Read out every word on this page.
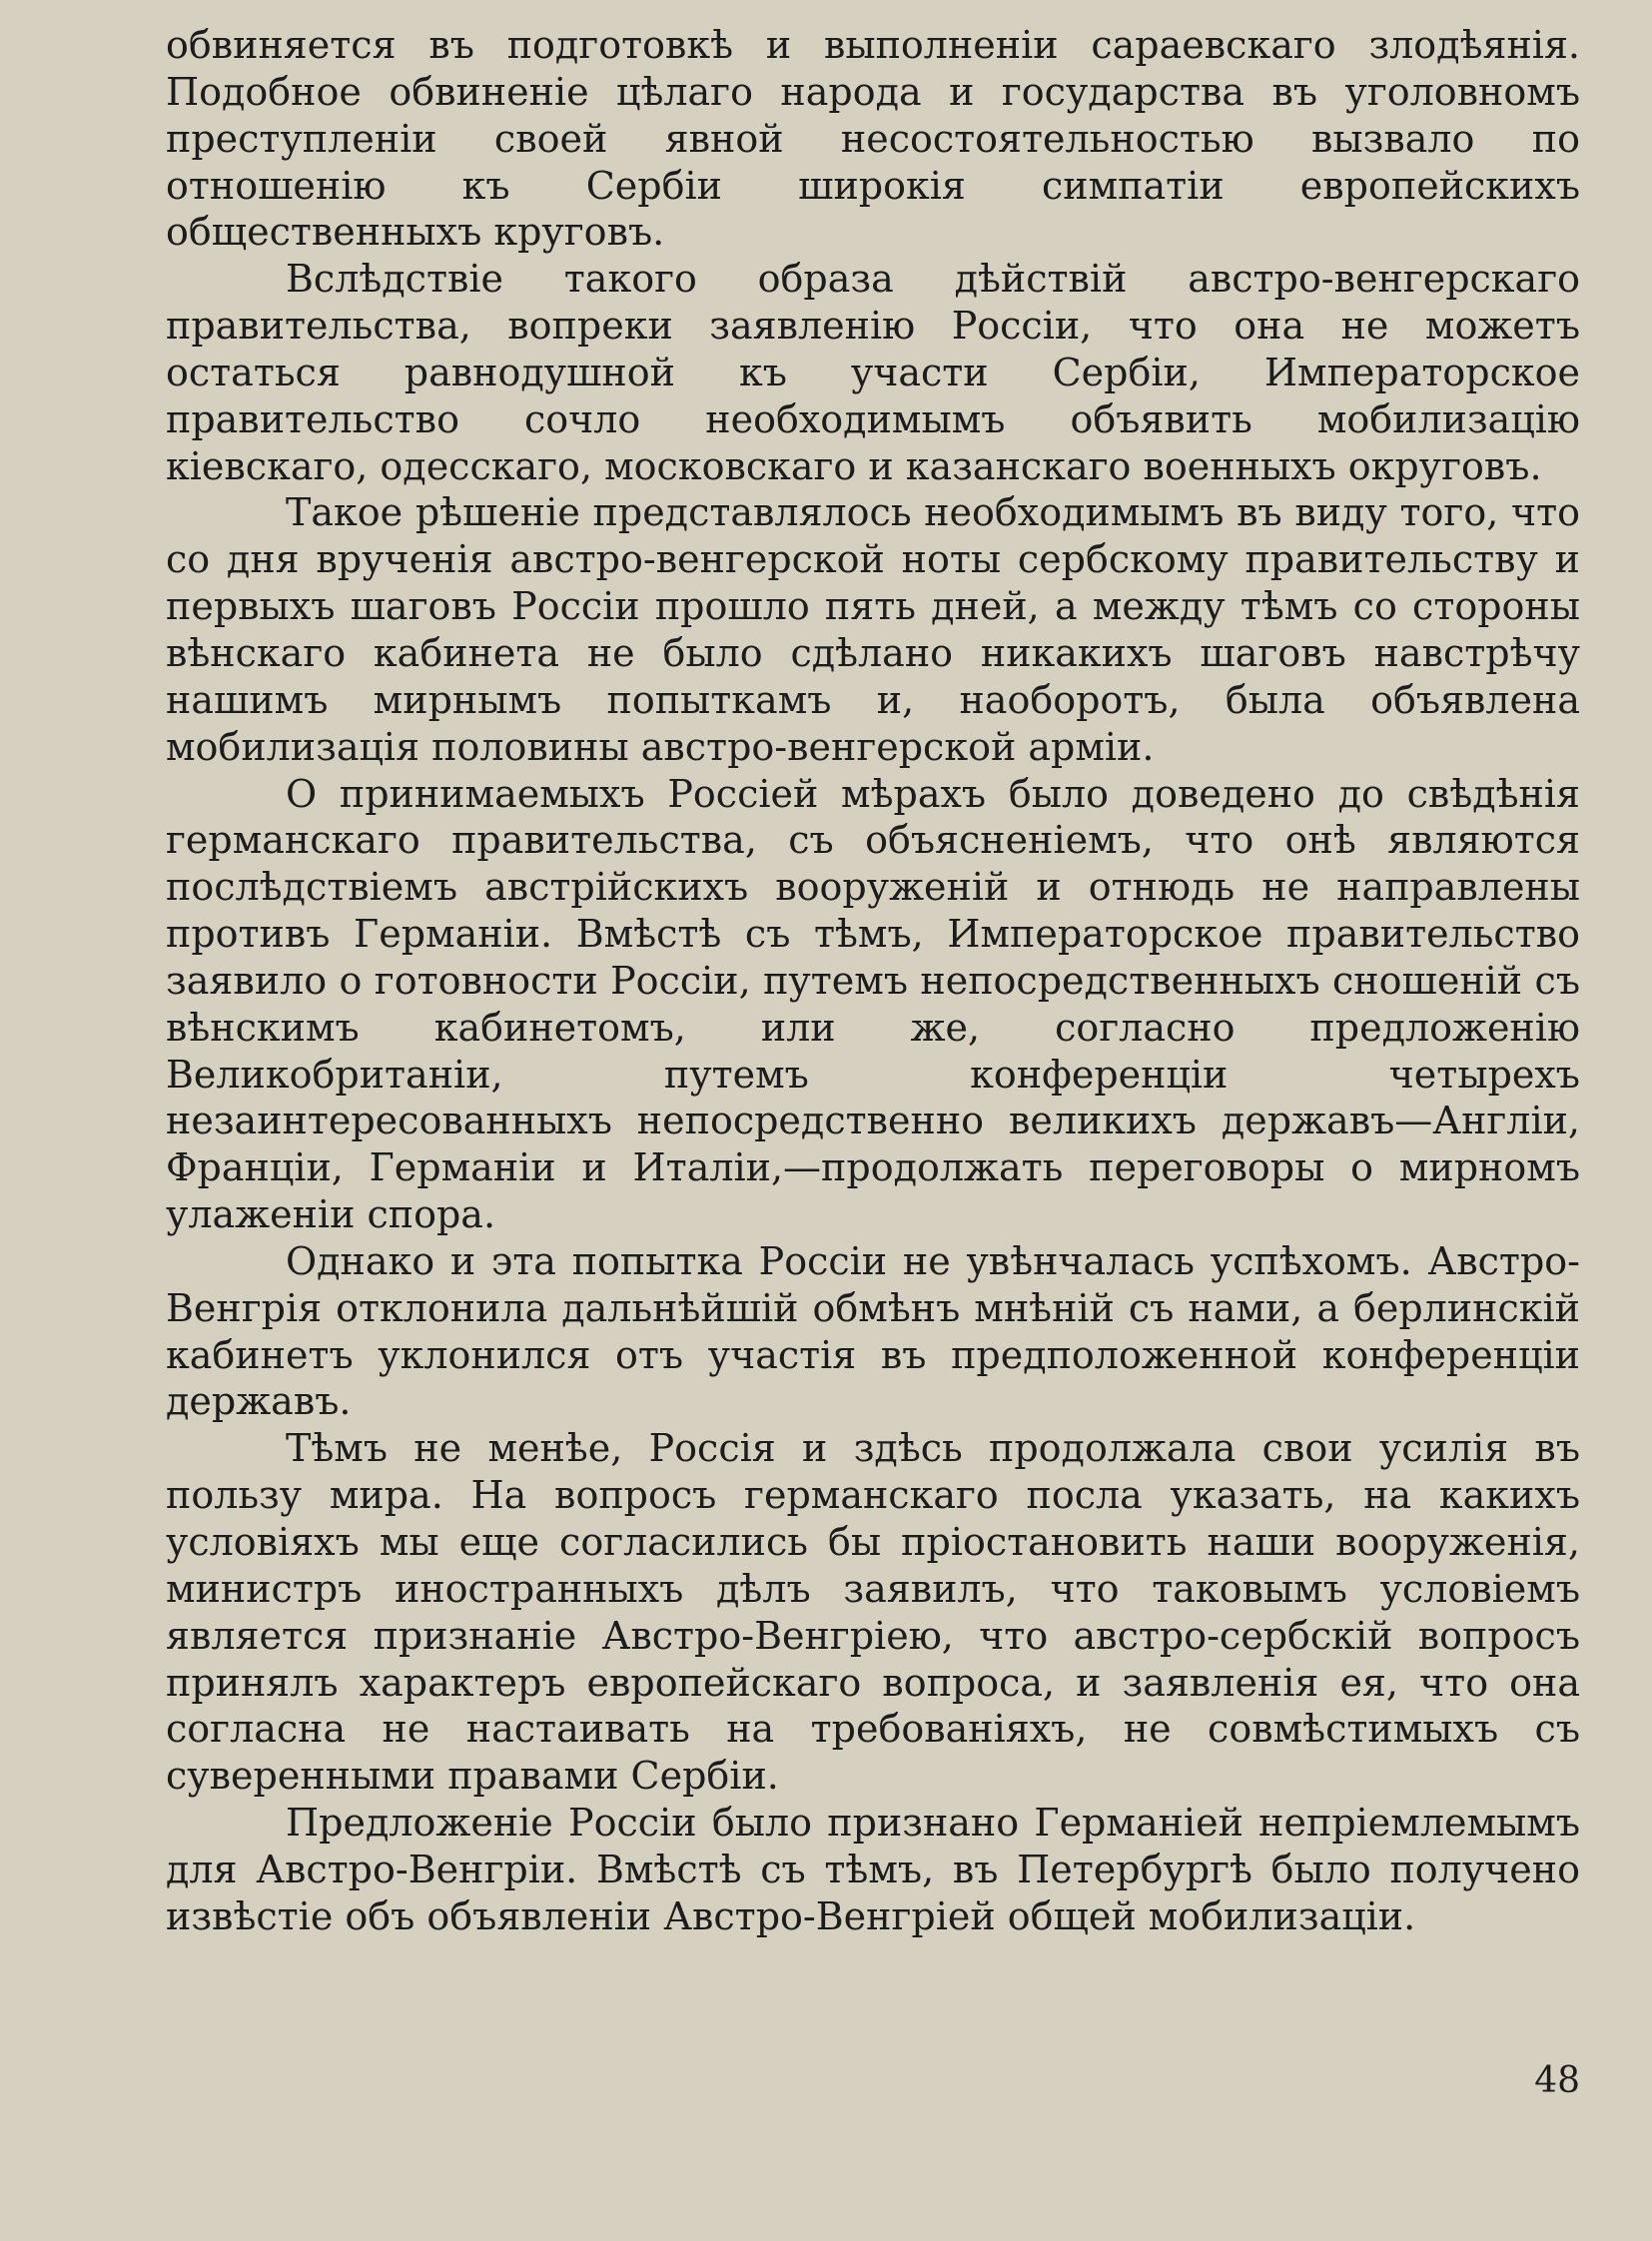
обвиняется въ подготовкѣ и выполненіи сараевскаго злодѣянія. Подобное обвиненіе цѣлаго народа и государства въ уголовномъ преступленіи своей явной несостоятельностью вызвало по отношенію къ Сербіи широкія симпатіи европейскихъ общественныхъ круговъ.

Вслѣдствіе такого образа дѣйствій австро-венгерскаго правительства, вопреки заявленію Россіи, что она не можетъ остаться равнодушной къ участи Сербіи, Императорское правительство сочло необходимымъ объявить мобилизацію кіевскаго, одесскаго, московскаго и казанскаго военныхъ округовъ.

Такое рѣшеніе представлялось необходимымъ въ виду того, что со дня врученія австро-венгерской ноты сербскому правительству и первыхъ шаговъ Россіи прошло пять дней, а между тѣмъ со стороны вѣнскаго кабинета не было сдѣлано никакихъ шаговъ навстрѣчу нашимъ мирнымъ попыткамъ и, наоборотъ, была объявлена мобилизація половины австро-венгерской арміи.

О принимаемыхъ Россіей мѣрахъ было доведено до свѣдѣнія германскаго правительства, съ объясненіемъ, что онѣ являются послѣдствіемъ австрійскихъ вооруженій и отнюдь не направлены противъ Германіи. Вмѣстѣ съ тѣмъ, Императорское правительство заявило о готовности Россіи, путемъ непосредственныхъ сношеній съ вѣнскимъ кабинетомъ, или же, согласно предложенію Великобританіи, путемъ конференціи четырехъ незаинтересованныхъ непосредственно великихъ державъ—Англіи, Франціи, Германіи и Италіи,—продолжать переговоры о мирномъ улаженіи спора.

Однако и эта попытка Россіи не увѣнчалась успѣхомъ. Австро-Венгрія отклонила дальнѣйшій обмѣнъ мнѣній съ нами, а берлинскій кабинетъ уклонился отъ участія въ предположенной конференціи державъ.

Тѣмъ не менѣе, Россія и здѣсь продолжала свои усилія въ пользу мира. На вопросъ германскаго посла указать, на какихъ условіяхъ мы еще согласились бы пріостановить наши вооруженія, министръ иностранныхъ дѣлъ заявилъ, что таковымъ условіемъ является признаніе Австро-Венгріею, что австро-сербскій вопросъ принялъ характеръ европейскаго вопроса, и заявленія ея, что она согласна не настаивать на требованіяхъ, не совмѣстимыхъ съ суверенными правами Сербіи.

Предложеніе Россіи было признано Германіей непріемлемымъ для Австро-Венгріи. Вмѣстѣ съ тѣмъ, въ Петербургѣ было получено извѣстіе объ объявленіи Австро-Венгріей общей мобилизаціи.

48
